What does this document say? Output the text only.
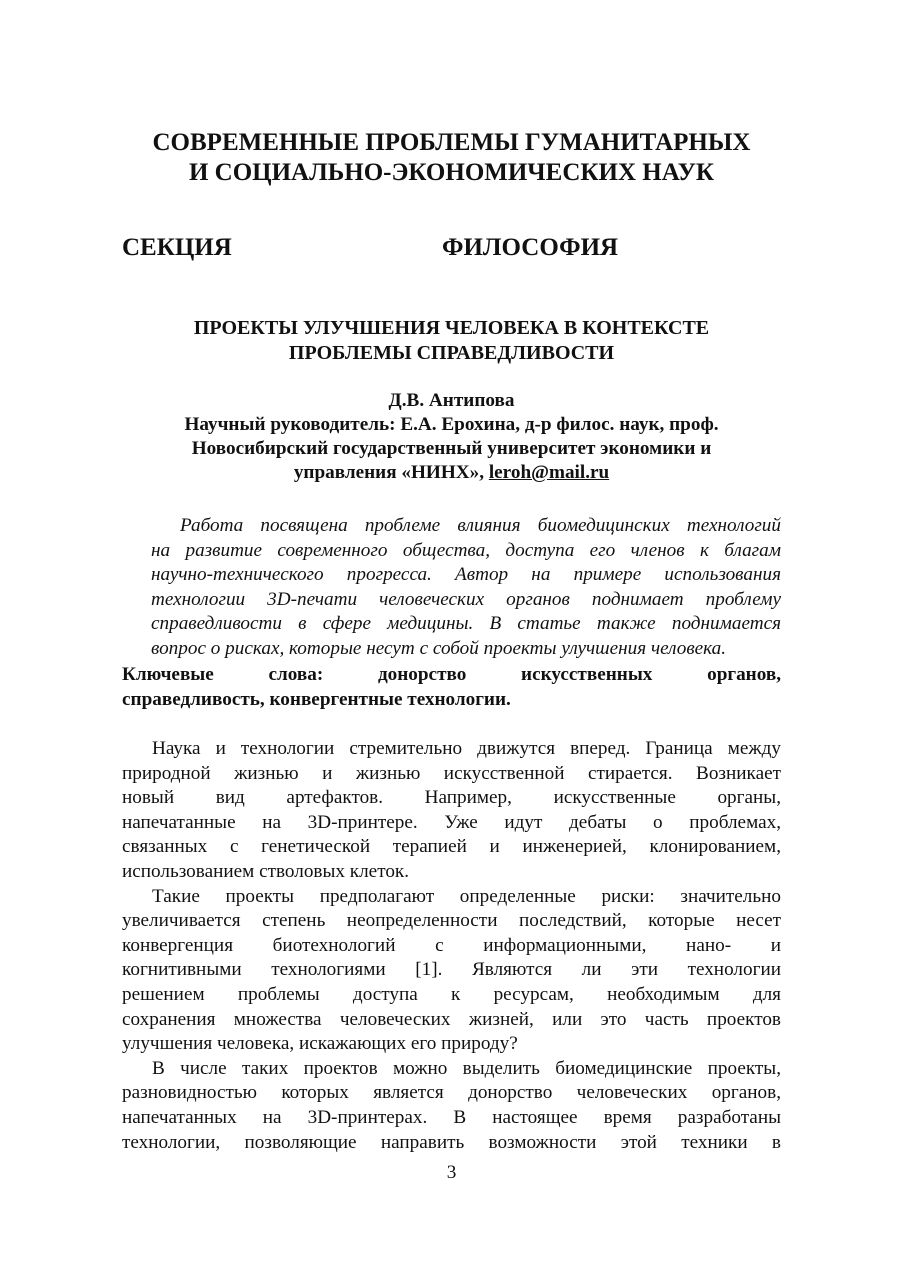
СОВРЕМЕННЫЕ ПРОБЛЕМЫ ГУМАНИТАРНЫХ
И СОЦИАЛЬНО-ЭКОНОМИЧЕСКИХ НАУК
СЕКЦИЯ	ФИЛОСОФИЯ
ПРОЕКТЫ УЛУЧШЕНИЯ ЧЕЛОВЕКА В КОНТЕКСТЕ
ПРОБЛЕМЫ СПРАВЕДЛИВОСТИ
Д.В. Антипова
Научный руководитель: Е.А. Ерохина, д-р филос. наук, проф.
Новосибирский государственный университет экономики и
управления «НИНХ», leroh@mail.ru
Работа посвящена проблеме влияния биомедицинских технологий
на развитие современного общества, доступа его членов к благам
научно-технического прогресса. Автор на примере использования
технологии 3D-печати человеческих органов поднимает проблему
справедливости в сфере медицины. В статье также поднимается
вопрос о рисках, которые несут с собой проекты улучшения человека.
Ключевые слова: донорство искусственных органов,
справедливость, конвергентные технологии.
Наука и технологии стремительно движутся вперед. Граница между
природной жизнью и жизнью искусственной стирается. Возникает
новый вид артефактов. Например, искусственные органы,
напечатанные на 3D-принтере. Уже идут дебаты о проблемах,
связанных с генетической терапией и инженерией, клонированием,
использованием стволовых клеток.
Такие проекты предполагают определенные риски: значительно
увеличивается степень неопределенности последствий, которые несет
конвергенция биотехнологий с информационными, нано- и
когнитивными технологиями [1]. Являются ли эти технологии
решением проблемы доступа к ресурсам, необходимым для
сохранения множества человеческих жизней, или это часть проектов
улучшения человека, искажающих его природу?
В числе таких проектов можно выделить биомедицинские проекты,
разновидностью которых является донорство человеческих органов,
напечатанных на 3D-принтерах. В настоящее время разработаны
технологии, позволяющие направить возможности этой техники в
3
